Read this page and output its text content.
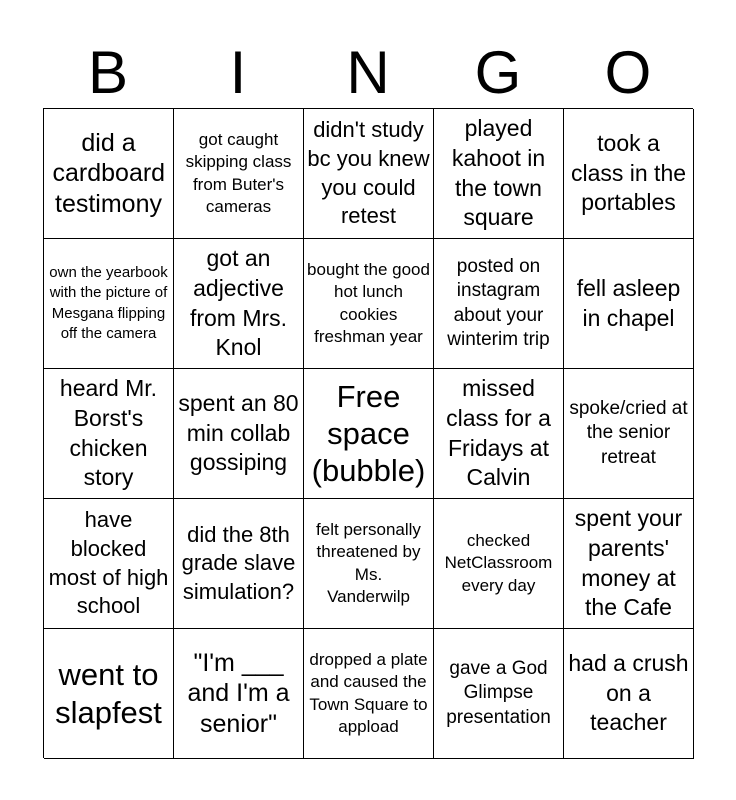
B	I	N	G	O
did a cardboard testimony
got caught skipping class from Buter's cameras
didn't study bc you knew you could retest
played kahoot in the town square
took a class in the portables
own the yearbook with the picture of Mesgana flipping off the camera
got an adjective from Mrs. Knol
bought the good hot lunch cookies freshman year
posted on instagram about your winterim trip
fell asleep in chapel
heard Mr. Borst's chicken story
spent an 80 min collab gossiping
Free space (bubble)
missed class for a Fridays at Calvin
spoke/cried at the senior retreat
have blocked most of high school
did the 8th grade slave simulation?
felt personally threatened by Ms. Vanderwilp
checked NetClassroom every day
spent your parents' money at the Cafe
went to slapfest
"I'm ___ and I'm a senior"
dropped a plate and caused the Town Square to appload
gave a God Glimpse presentation
had a crush on a teacher
